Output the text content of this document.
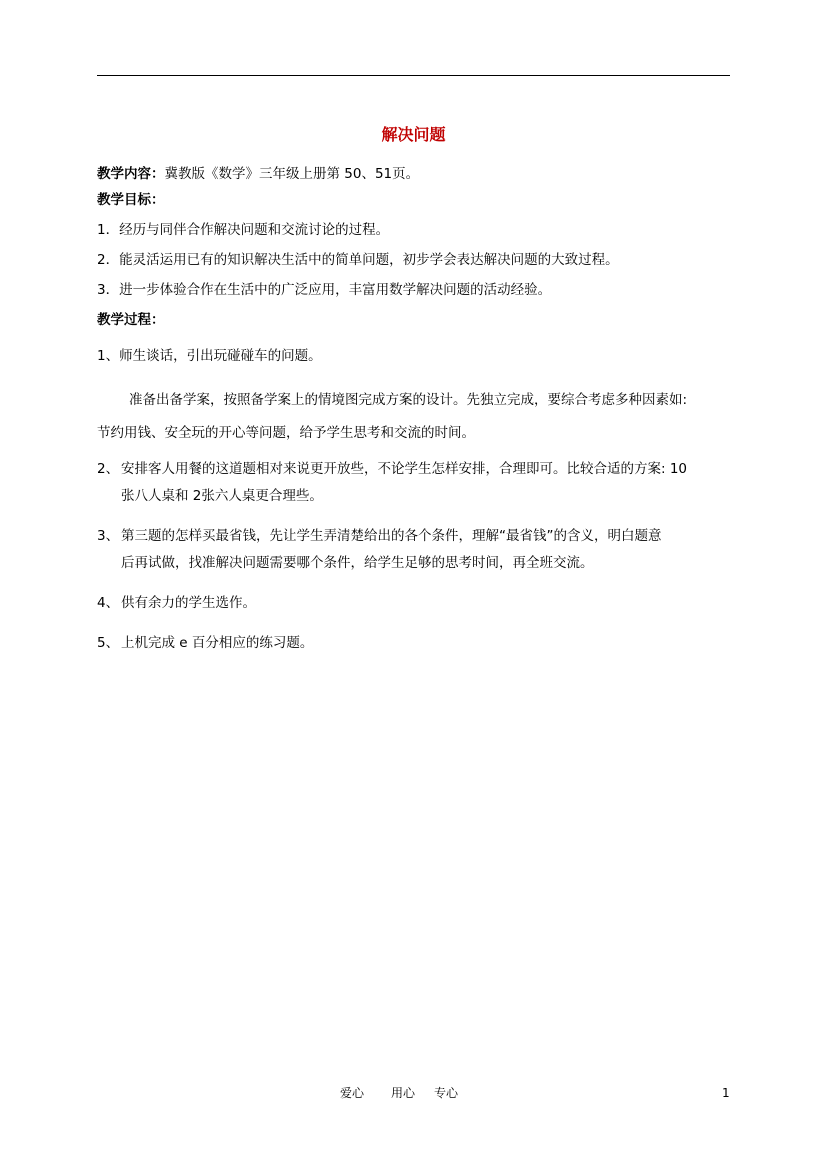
解决问题
教学内容：冀教版《数学》三年级上册第 50、51页。
教学目标：
1．经历与同伴合作解决问题和交流讨论的过程。
2．能灵活运用已有的知识解决生活中的简单问题，初步学会表达解决问题的大致过程。
3．进一步体验合作在生活中的广泛应用，丰富用数学解决问题的活动经验。
教学过程：
1、师生谈话，引出玩碰碰车的问题。
准备出备学案，按照备学案上的情境图完成方案的设计。先独立完成，要综合考虑多种因素如:
节约用钱、安全玩的开心等问题，给予学生思考和交流的时间。
2、 安排客人用餐的这道题相对来说更开放些，不论学生怎样安排，合理即可。比较合适的方案: 10
张八人桌和 2张六人桌更合理些。
3、 第三题的怎样买最省钱，先让学生弄清楚给出的各个条件，理解“最省钱”的含义，明白题意
后再试做，找准解决问题需要哪个条件，给学生足够的思考时间，再全班交流。
4、 供有余力的学生选作。
5、 上机完成 e 百分相应的练习题。
爱心 用心 专心	1
